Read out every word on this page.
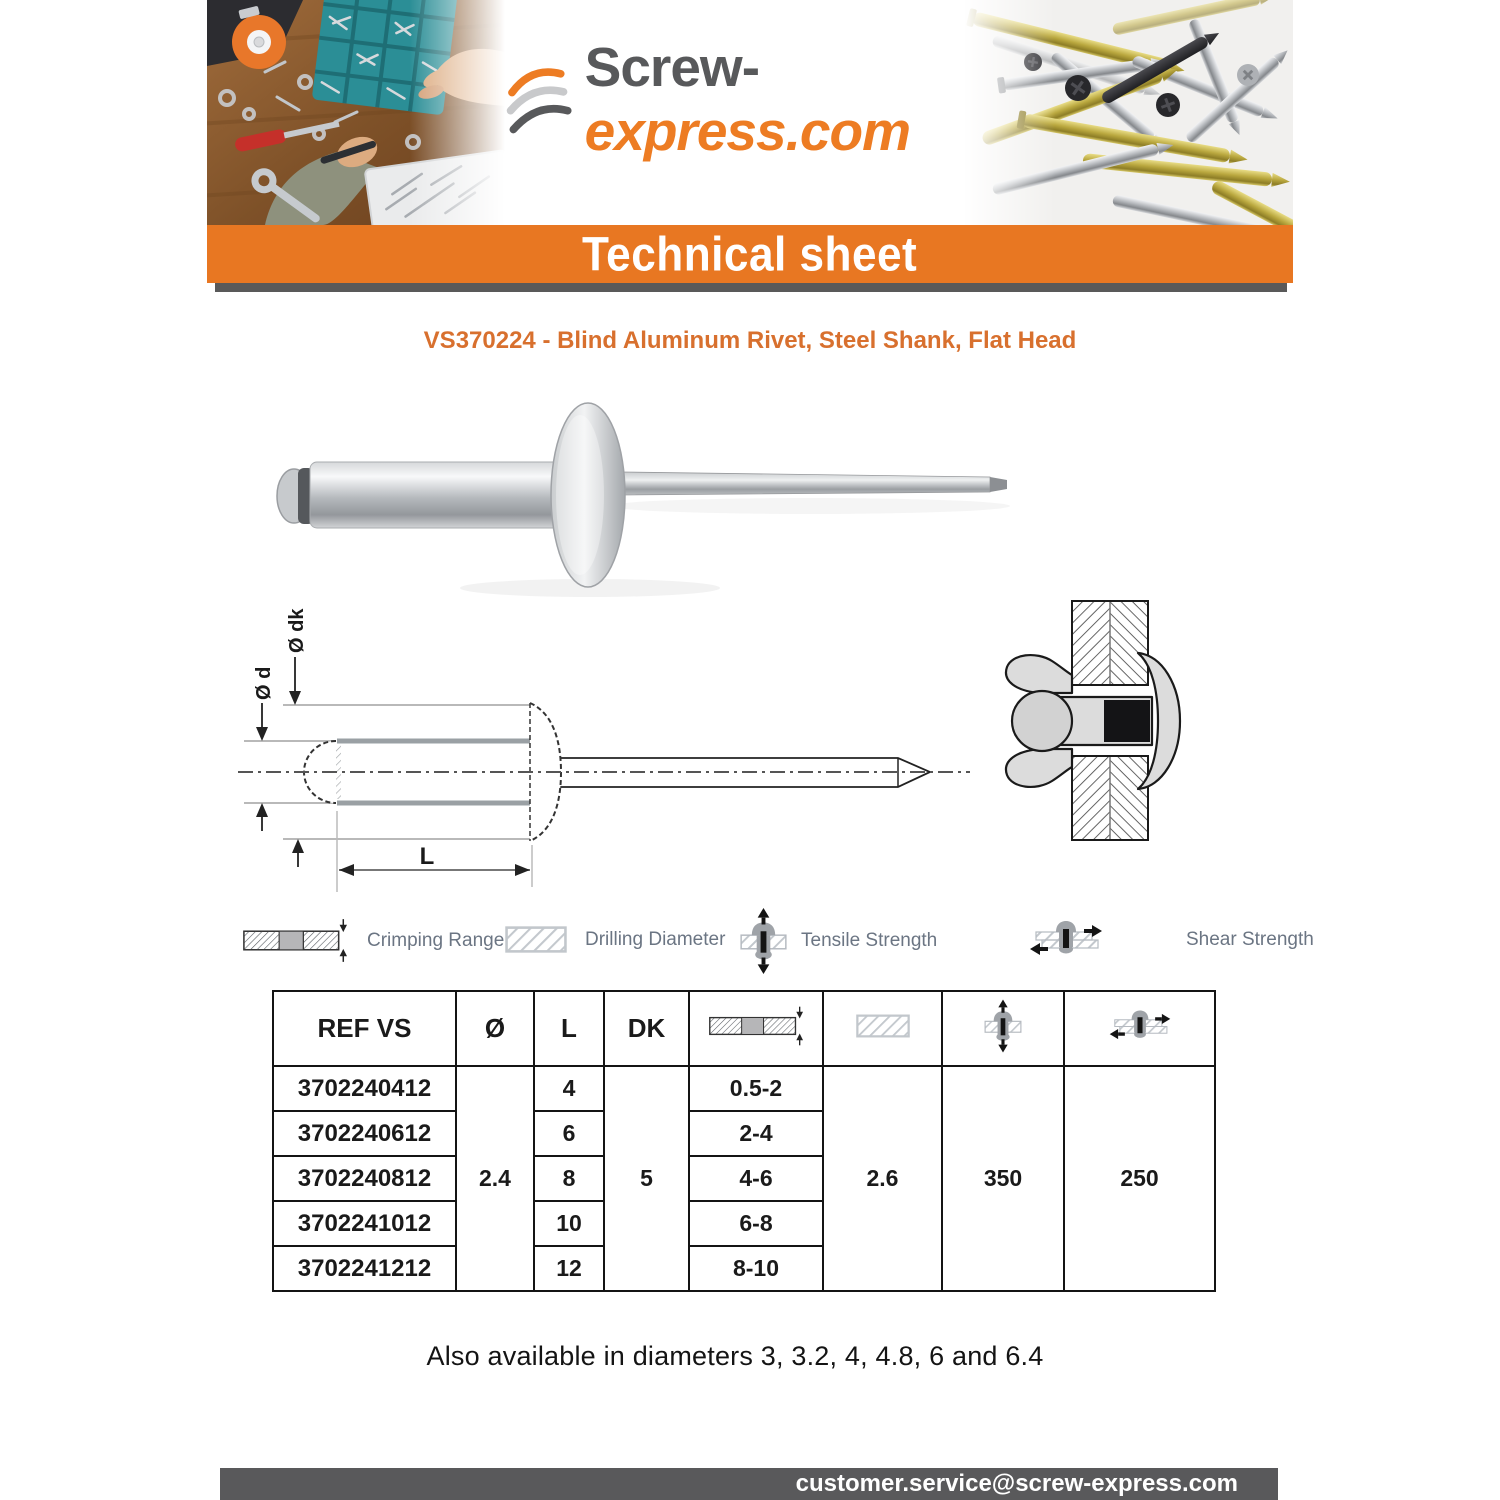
Screw-express.com
Technical sheet
VS370224 - Blind Aluminum Rivet, Steel Shank, Flat Head
Ø d
Ø dk
L
Crimping Range	Drilling Diameter	Tensile Strength	Shear Strength
REF VS	Ø	L	DK				
3702240412	2.4	4	5	0.5-2	2.6	350	250
3702240612		6		2-4			
3702240812		8		4-6			
3702241012		10		6-8			
3702241212		12		8-10			
Also available in diameters 3, 3.2, 4, 4.8, 6 and 6.4
customer.service@screw-express.com
